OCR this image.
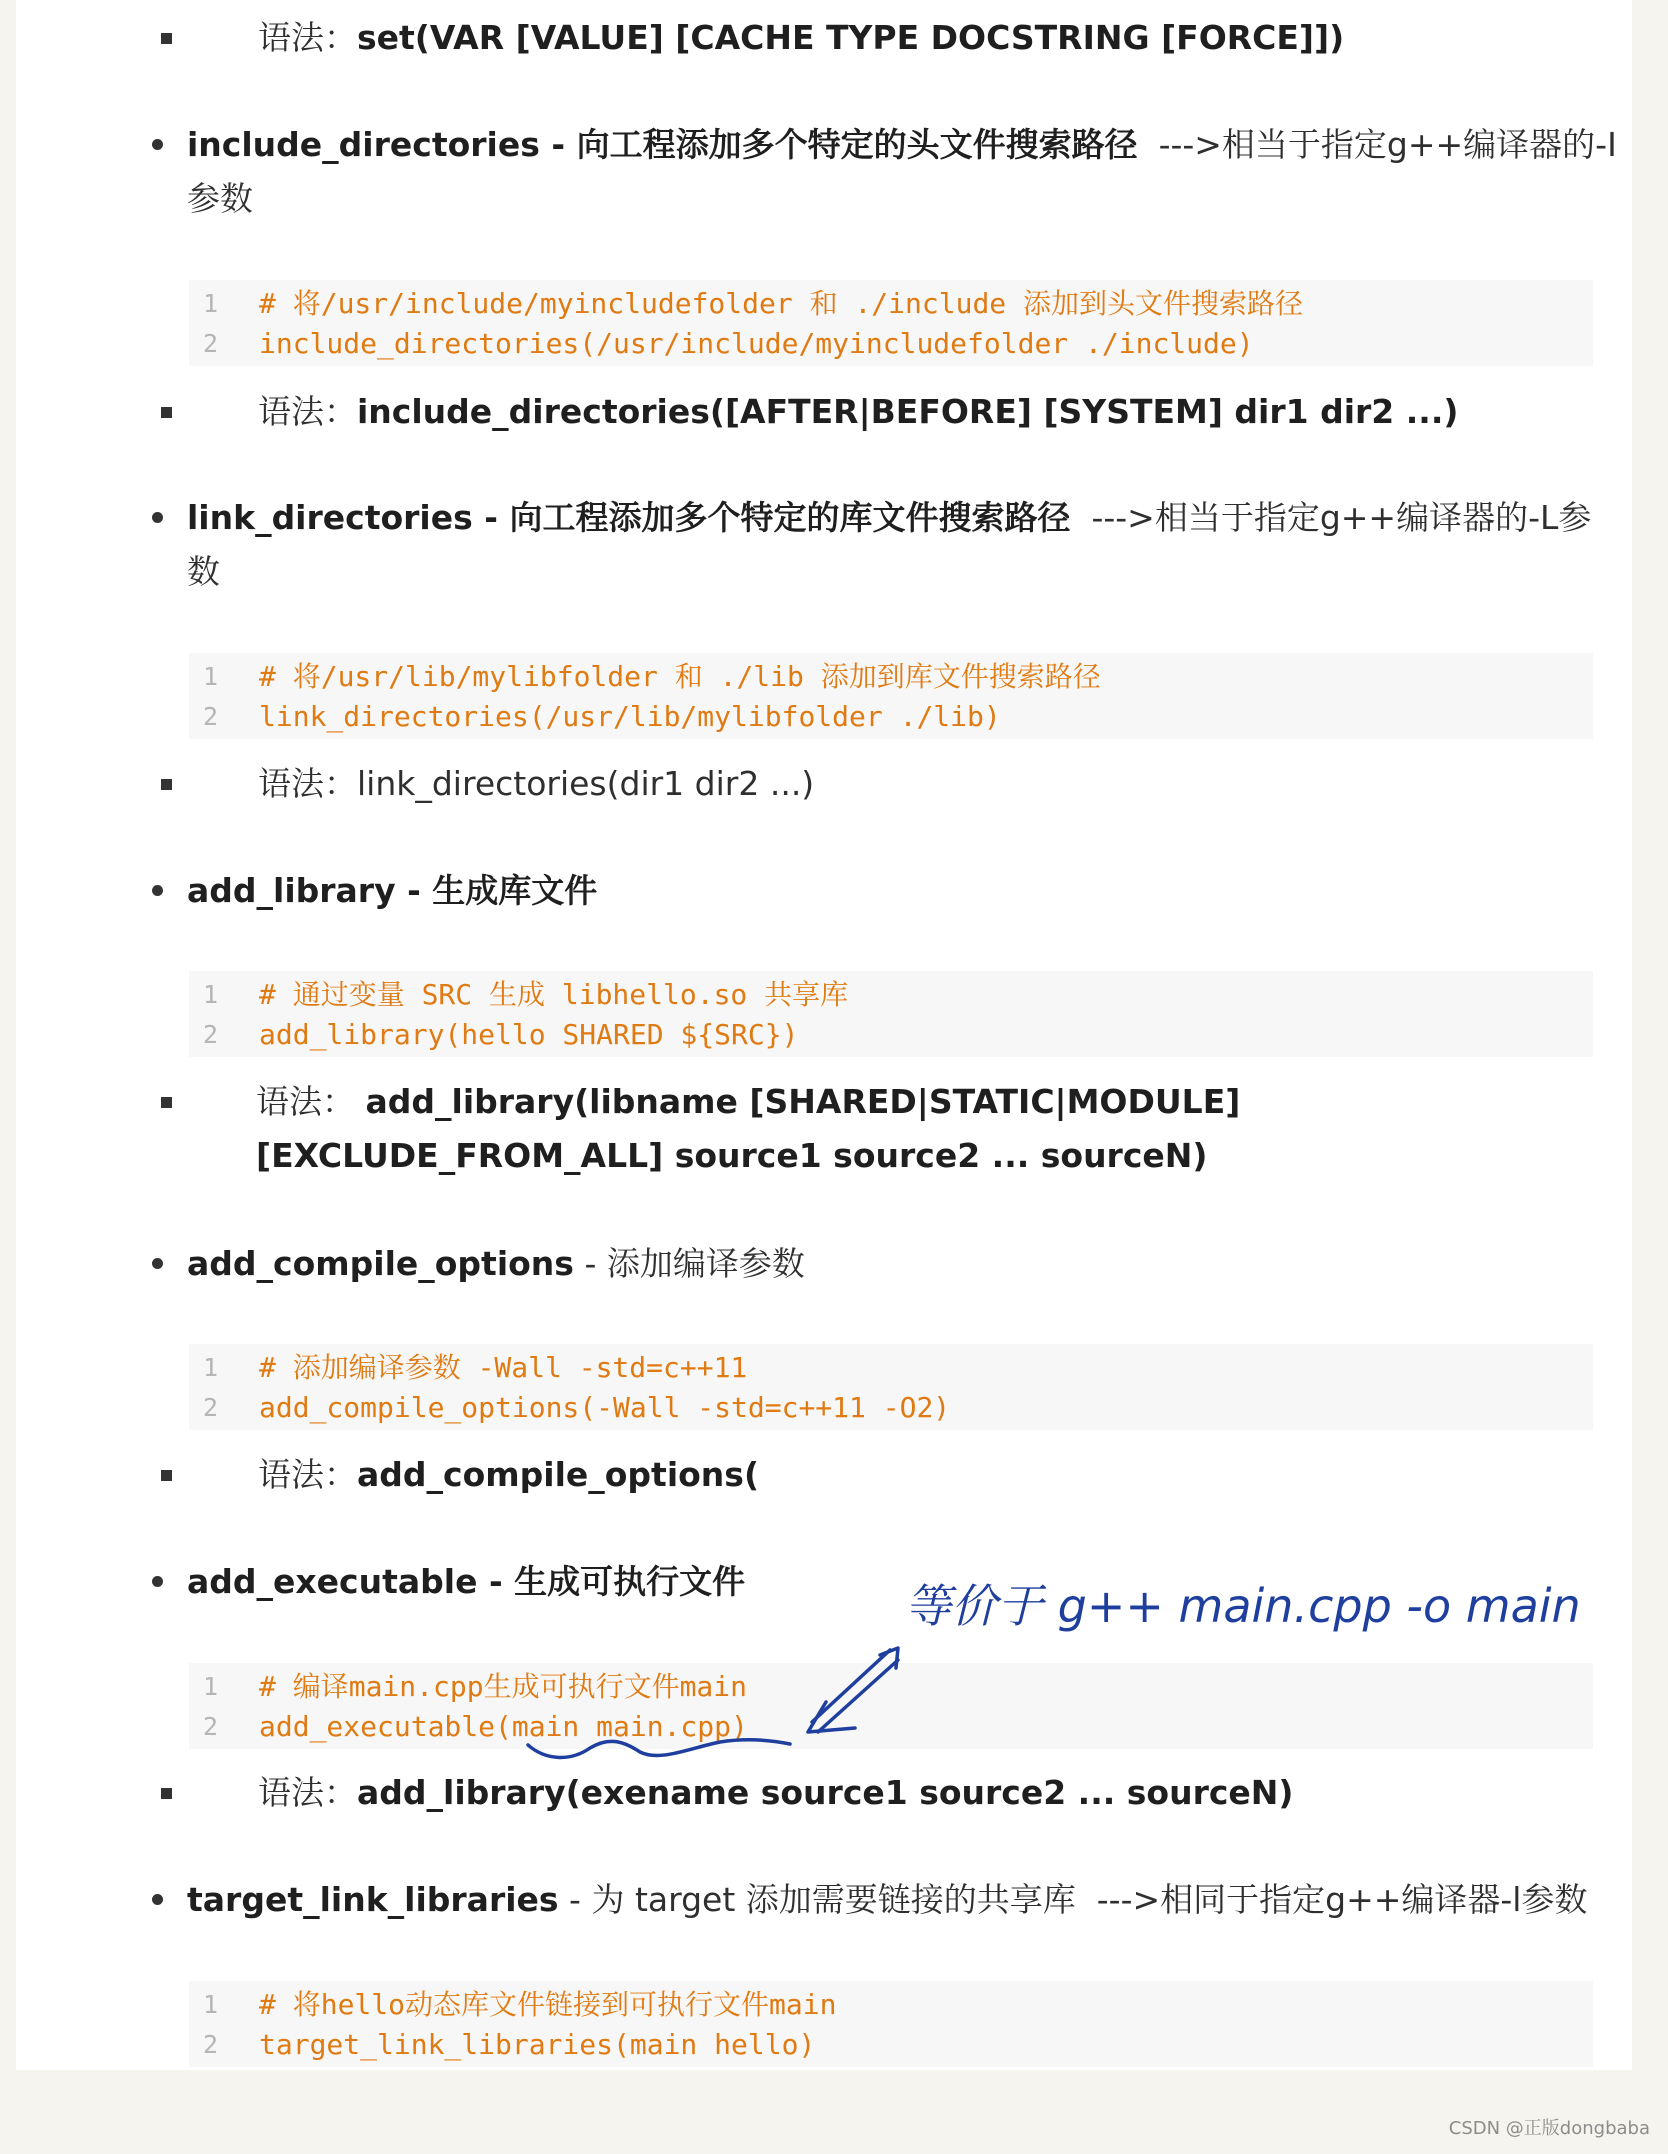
语法：set(VAR [VALUE] [CACHE TYPE DOCSTRING [FORCE]])
include_directories - 向工程添加多个特定的头文件搜索路径 --->相当于指定g++编译器的-I参数
1
2
# 将/usr/include/myincludefolder 和 ./include 添加到头文件搜索路径
include_directories(/usr/include/myincludefolder ./include)
语法：include_directories([AFTER|BEFORE] [SYSTEM] dir1 dir2 ...)
link_directories - 向工程添加多个特定的库文件搜索路径 --->相当于指定g++编译器的-L参数
1
2
# 将/usr/lib/mylibfolder 和 ./lib 添加到库文件搜索路径
link_directories(/usr/lib/mylibfolder ./lib)
语法：link_directories(dir1 dir2 ...)
add_library - 生成库文件
1
2
# 通过变量 SRC 生成 libhello.so 共享库
add_library(hello SHARED ${SRC})
语法： add_library(libname [SHARED|STATIC|MODULE] [EXCLUDE_FROM_ALL] source1 source2 ... sourceN)
add_compile_options - 添加编译参数
1
2
# 添加编译参数 -Wall -std=c++11
add_compile_options(-Wall -std=c++11 -O2)
语法：add_compile_options(
add_executable - 生成可执行文件
1
2
# 编译main.cpp生成可执行文件main
add_executable(main main.cpp)
语法：add_library(exename source1 source2 ... sourceN)
target_link_libraries - 为 target 添加需要链接的共享库 --->相同于指定g++编译器-l参数
1
2
# 将hello动态库文件链接到可执行文件main
target_link_libraries(main hello)
等价于 g++ main.cpp -o main
CSDN @正版dongbaba
